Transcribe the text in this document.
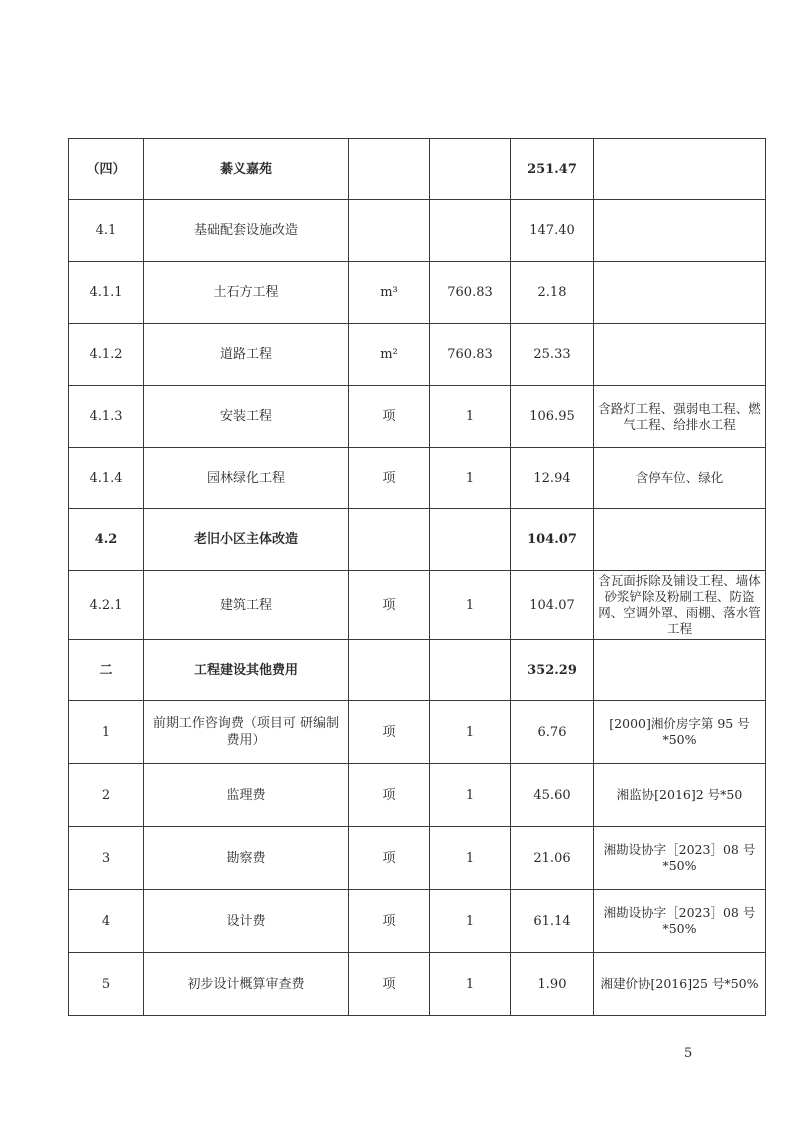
（四）	綦义嘉苑			251.47	
4.1	基础配套设施改造			147.40	
4.1.1	土石方工程	m³	760.83	2.18	
4.1.2	道路工程	m²	760.83	25.33	
4.1.3	安装工程	项	1	106.95	含路灯工程、强弱电工程、燃气工程、给排水工程
4.1.4	园林绿化工程	项	1	12.94	含停车位、绿化
4.2	老旧小区主体改造			104.07	
4.2.1	建筑工程	项	1	104.07	含瓦面拆除及铺设工程、墙体砂浆铲除及粉刷工程、防盗网、空调外罩、雨棚、落水管工程
二	工程建设其他费用			352.29	
1	前期工作咨询费（项目可 研编制费用）	项	1	6.76	[2000]湘价房字第 95 号*50%
2	监理费	项	1	45.60	湘监协[2016]2 号*50
3	勘察费	项	1	21.06	湘勘设协字［2023］08 号*50%
4	设计费	项	1	61.14	湘勘设协字［2023］08 号*50%
5	初步设计概算审查费	项	1	1.90	湘建价协[2016]25 号*50%
5
